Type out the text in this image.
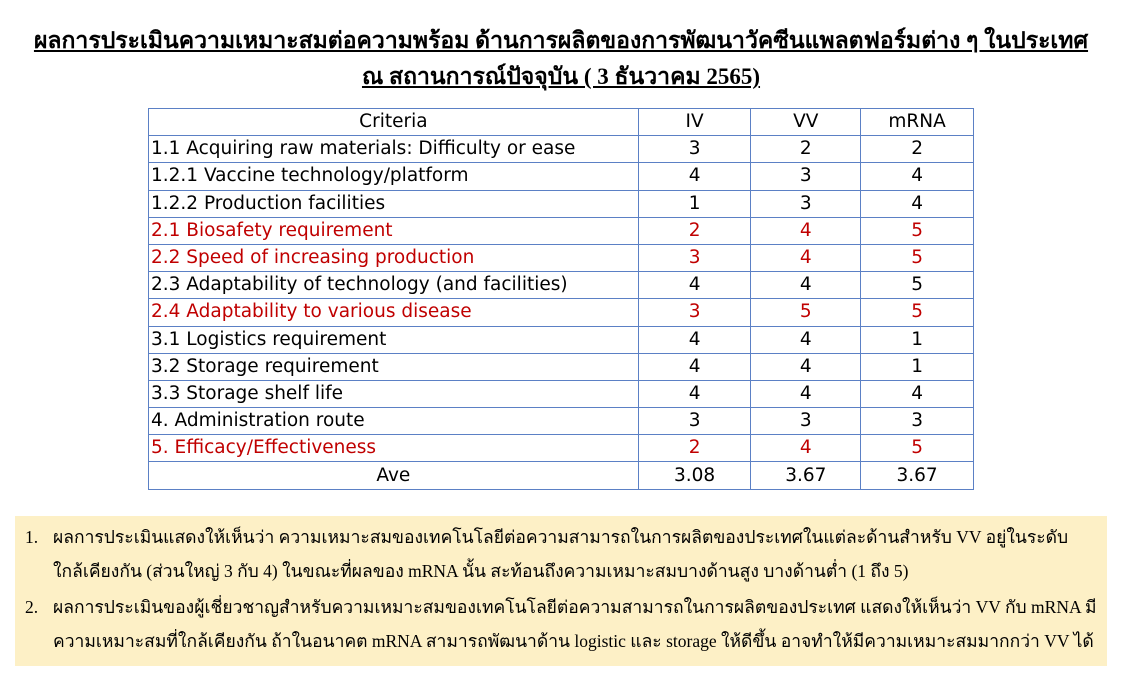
ผลการประเมินความเหมาะสมต่อความพร้อม ด้านการผลิตของการพัฒนาวัคซีนแพลตฟอร์มต่าง ๆ ในประเทศ
ณ สถานการณ์ปัจจุบัน ( 3 ธันวาคม 2565)
Criteria	IV	VV	mRNA
1.1 Acquiring raw materials: Difficulty or ease	3	2	2
1.2.1 Vaccine technology/platform	4	3	4
1.2.2 Production facilities	1	3	4
2.1 Biosafety requirement	2	4	5
2.2 Speed of increasing production	3	4	5
2.3 Adaptability of technology (and facilities)	4	4	5
2.4 Adaptability to various disease	3	5	5
3.1 Logistics requirement	4	4	1
3.2 Storage requirement	4	4	1
3.3 Storage shelf life	4	4	4
4. Administration route	3	3	3
5. Efficacy/Effectiveness	2	4	5
Ave	3.08	3.67	3.67
1. ผลการประเมินแสดงให้เห็นว่า ความเหมาะสมของเทคโนโลยีต่อความสามารถในการผลิตของประเทศในแต่ละด้านสำหรับ VV อยู่ในระดับ
ใกล้เคียงกัน (ส่วนใหญ่ 3 กับ 4) ในขณะที่ผลของ mRNA นั้น สะท้อนถึงความเหมาะสมบางด้านสูง บางด้านต่ำ (1 ถึง 5)
2. ผลการประเมินของผู้เชี่ยวชาญสำหรับความเหมาะสมของเทคโนโลยีต่อความสามารถในการผลิตของประเทศ แสดงให้เห็นว่า VV กับ mRNA มี
ความเหมาะสมที่ใกล้เคียงกัน ถ้าในอนาคต mRNA สามารถพัฒนาด้าน logistic และ storage ให้ดีขึ้น อาจทำให้มีความเหมาะสมมากกว่า VV ได้
